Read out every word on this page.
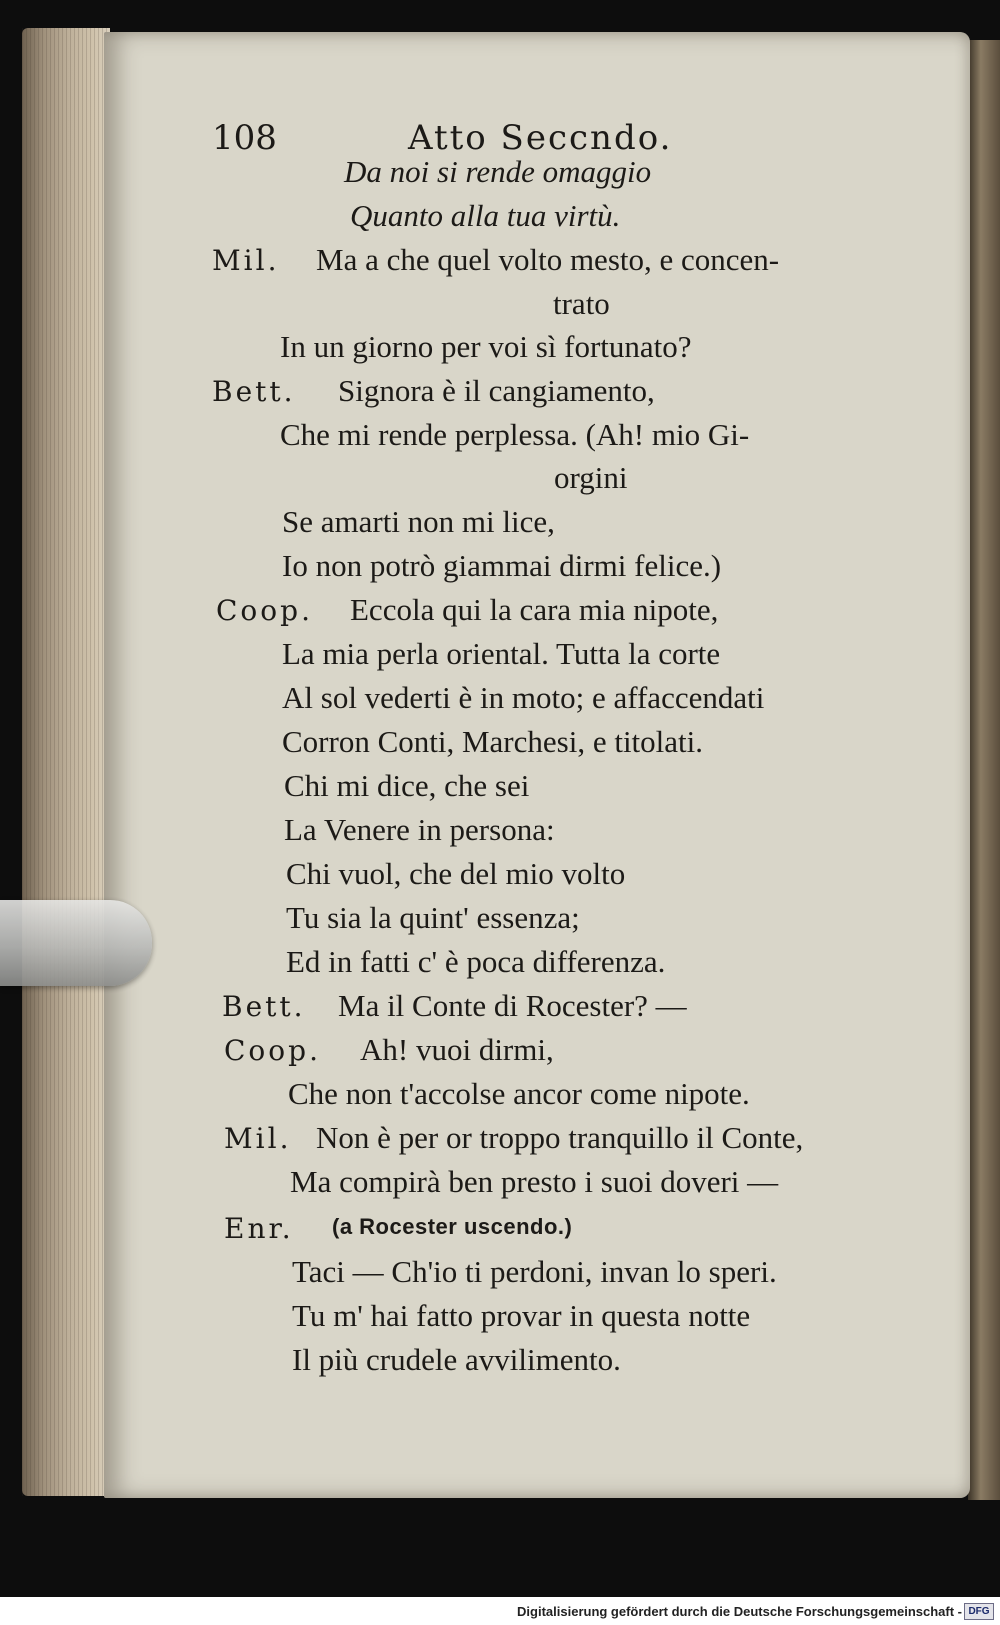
108	Atto Seccndo.
Da noi si rende omaggio
Quanto alla tua virtù.
Mil. Ma a che quel volto mesto, e concen-
trato
In un giorno per voi sì fortunato?
Bett. Signora è il cangiamento,
Che mi rende perplessa. (Ah! mio Gi-
orgini
Se amarti non mi lice,
Io non potrò giammai dirmi felice.)
Coop. Eccola qui la cara mia nipote,
La mia perla oriental. Tutta la corte
Al sol vederti è in moto; e affaccendati
Corron Conti, Marchesi, e titolati.
Chi mi dice, che sei
La Venere in persona:
Chi vuol, che del mio volto
Tu sia la quint' essenza;
Ed in fatti c' è poca differenza.
Bett. Ma il Conte di Rocester? —
Coop. Ah! vuoi dirmi,
Che non t'accolse ancor come nipote.
Mil. Non è per or troppo tranquillo il Conte,
Ma compirà ben presto i suoi doveri —
Enr. (a Rocester uscendo.)
Taci — Ch'io ti perdoni, invan lo speri.
Tu m' hai fatto provar in questa notte
Il più crudele avvilimento.
Digitalisierung gefördert durch die Deutsche Forschungsgemeinschaft - DFG
